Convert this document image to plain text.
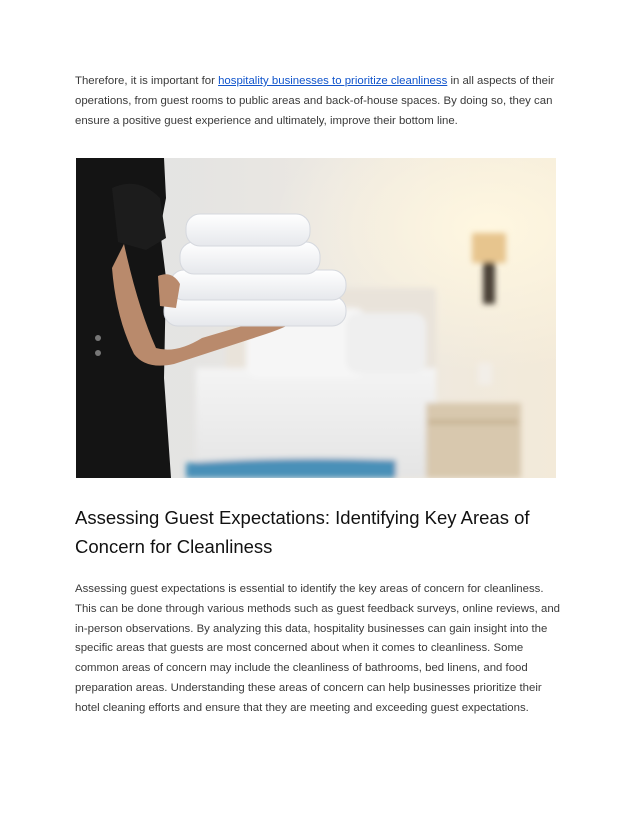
Therefore, it is important for hospitality businesses to prioritize cleanliness in all aspects of their operations, from guest rooms to public areas and back-of-house spaces. By doing so, they can ensure a positive guest experience and ultimately, improve their bottom line.

Assessing Guest Expectations: Identifying Key Areas of Concern for Cleanliness

Assessing guest expectations is essential to identify the key areas of concern for cleanliness. This can be done through various methods such as guest feedback surveys, online reviews, and in-person observations. By analyzing this data, hospitality businesses can gain insight into the specific areas that guests are most concerned about when it comes to cleanliness. Some common areas of concern may include the cleanliness of bathrooms, bed linens, and food preparation areas. Understanding these areas of concern can help businesses prioritize their hotel cleaning efforts and ensure that they are meeting and exceeding guest expectations.
